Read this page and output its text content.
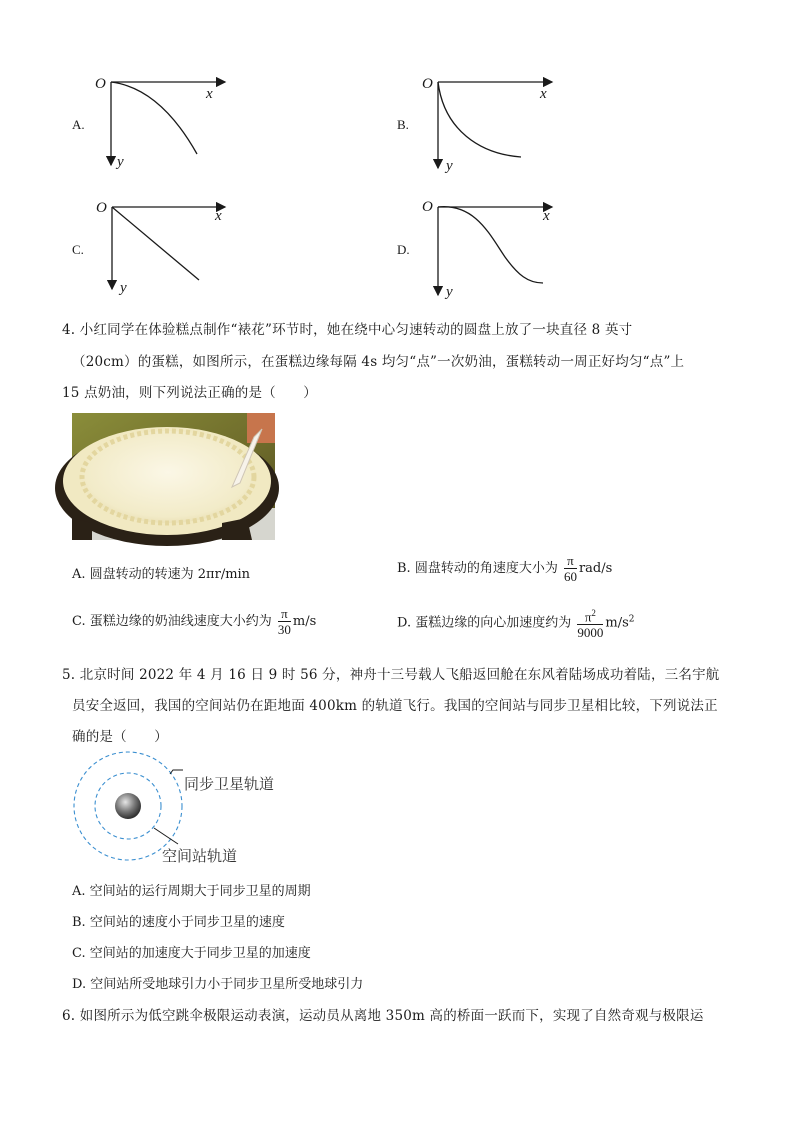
A.
O
x
y
B.
O
x
y
C.
O	x
y
D.
O
x
y
4. 小红同学在体验糕点制作“裱花”环节时，她在绕中心匀速转动的圆盘上放了一块直径 8 英寸
（20cm）的蛋糕，如图所示，在蛋糕边缘每隔 4s 均匀“点”一次奶油，蛋糕转动一周正好均匀“点”上
15 点奶油，则下列说法正确的是（　　）
A. 圆盘转动的转速为 2πr/min	B. 圆盘转动的角速度大小为 $\frac{\pi}{60} rad/s$
C. 蛋糕边缘的奶油线速度大小约为 $\frac{\pi}{30} m/s$	D. 蛋糕边缘的向心加速度约为 $\frac{\pi^2}{9000} m/s^2$
5. 北京时间 2022 年 4 月 16 日 9 时 56 分，神舟十三号载人飞船返回舱在东风着陆场成功着陆，三名宇航
员安全返回，我国的空间站仍在距地面 400km 的轨道飞行。我国的空间站与同步卫星相比较，下列说法正
确的是（　　）
同步卫星轨道
空间站轨道
A. 空间站的运行周期大于同步卫星的周期
B. 空间站的速度小于同步卫星的速度
C. 空间站的加速度大于同步卫星的加速度
D. 空间站所受地球引力小于同步卫星所受地球引力
6. 如图所示为低空跳伞极限运动表演，运动员从离地 350m 高的桥面一跃而下，实现了自然奇观与极限运
